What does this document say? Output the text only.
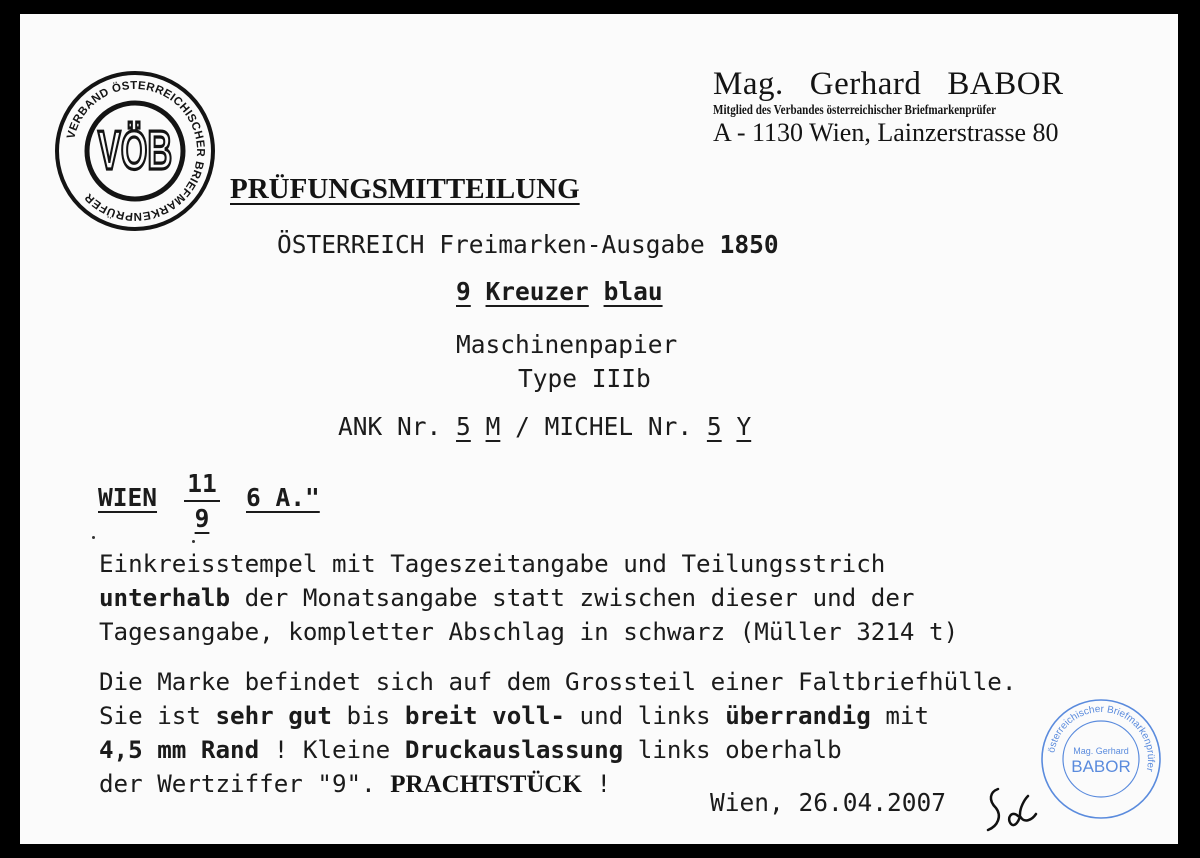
VERBAND ÖSTERREICHISCHER BRIEFMARKENPRÜFER
VÖB
Mag. Gerhard BABOR
Mitglied des Verbandes österreichischer Briefmarkenprüfer
A - 1130 Wien, Lainzerstrasse 80
PRÜFUNGSMITTEILUNG
ÖSTERREICH Freimarken-Ausgabe 1850
9 Kreuzer blau
Maschinenpapier
Type IIIb
ANK Nr. 5 M / MICHEL Nr. 5 Y
WIEN 11
9
6 A."
Einkreisstempel mit Tageszeitangabe und Teilungsstrich
unterhalb der Monatsangabe statt zwischen dieser und der
Tagesangabe, kompletter Abschlag in schwarz (Müller 3214 t)
Die Marke befindet sich auf dem Grossteil einer Faltbriefhülle.
Sie ist sehr gut bis breit voll- und links überrandig mit
4,5 mm Rand ! Kleine Druckauslassung links oberhalb
der Wertziffer "9". PRACHTSTÜCK !
Wien, 26.04.2007
österreichischer Briefmarkenprüfer
Mag. Gerhard
BABOR
